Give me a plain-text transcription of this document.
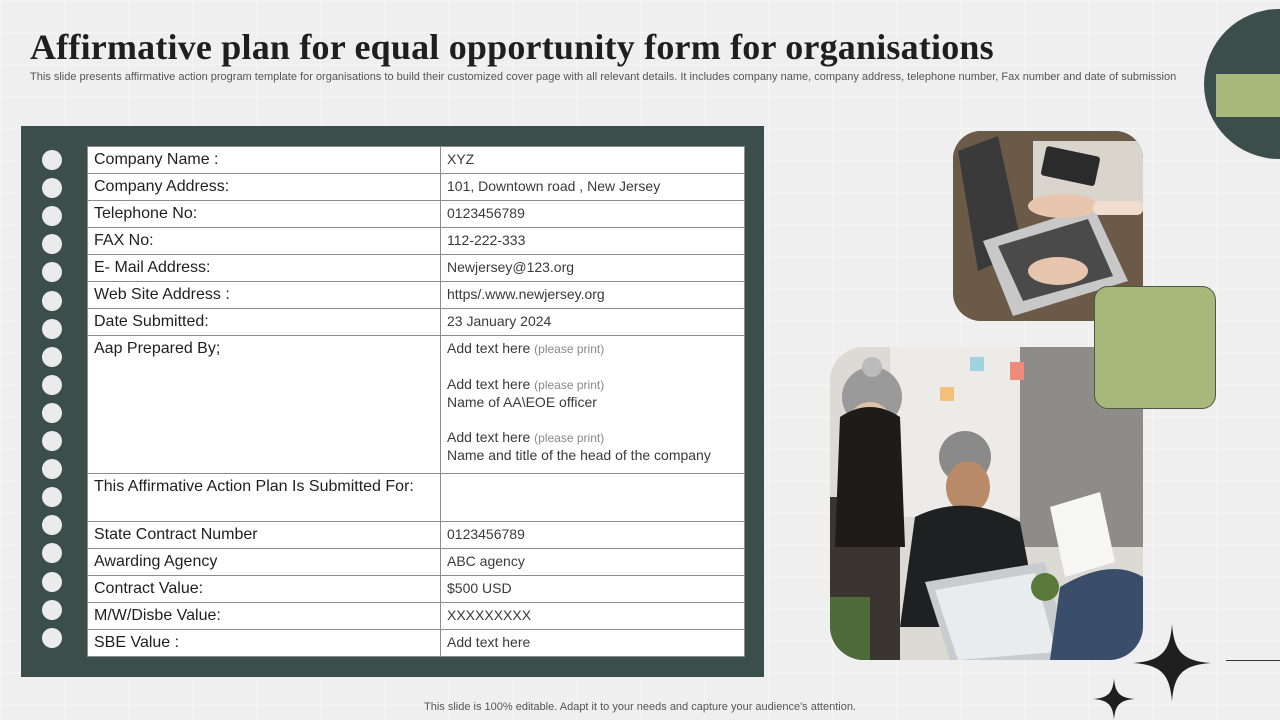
Affirmative plan for equal opportunity form for organisations
This slide presents affirmative action program template for organisations to build their customized cover page with all relevant details. It includes company name, company address, telephone number, Fax number and date of submission
Company Name :	XYZ
Company Address:	101, Downtown road , New Jersey
Telephone No:	0123456789
FAX No:	112-222-333
E- Mail Address:	Newjersey@123.org
Web Site Address :	https/.www.newjersey.org
Date Submitted:	23 January 2024
Aap Prepared By;	Add text here (please print)
Add text here (please print)
Name of AA\EOE officer
Add text here (please print)
Name and title of the head of the company

This Affirmative Action Plan Is Submitted For:	
State Contract Number	0123456789
Awarding Agency	ABC agency
Contract Value:	$500 USD
M/W/Disbe Value:	XXXXXXXXX
SBE Value :	Add text here
This slide is 100% editable. Adapt it to your needs and capture your audience's attention.
